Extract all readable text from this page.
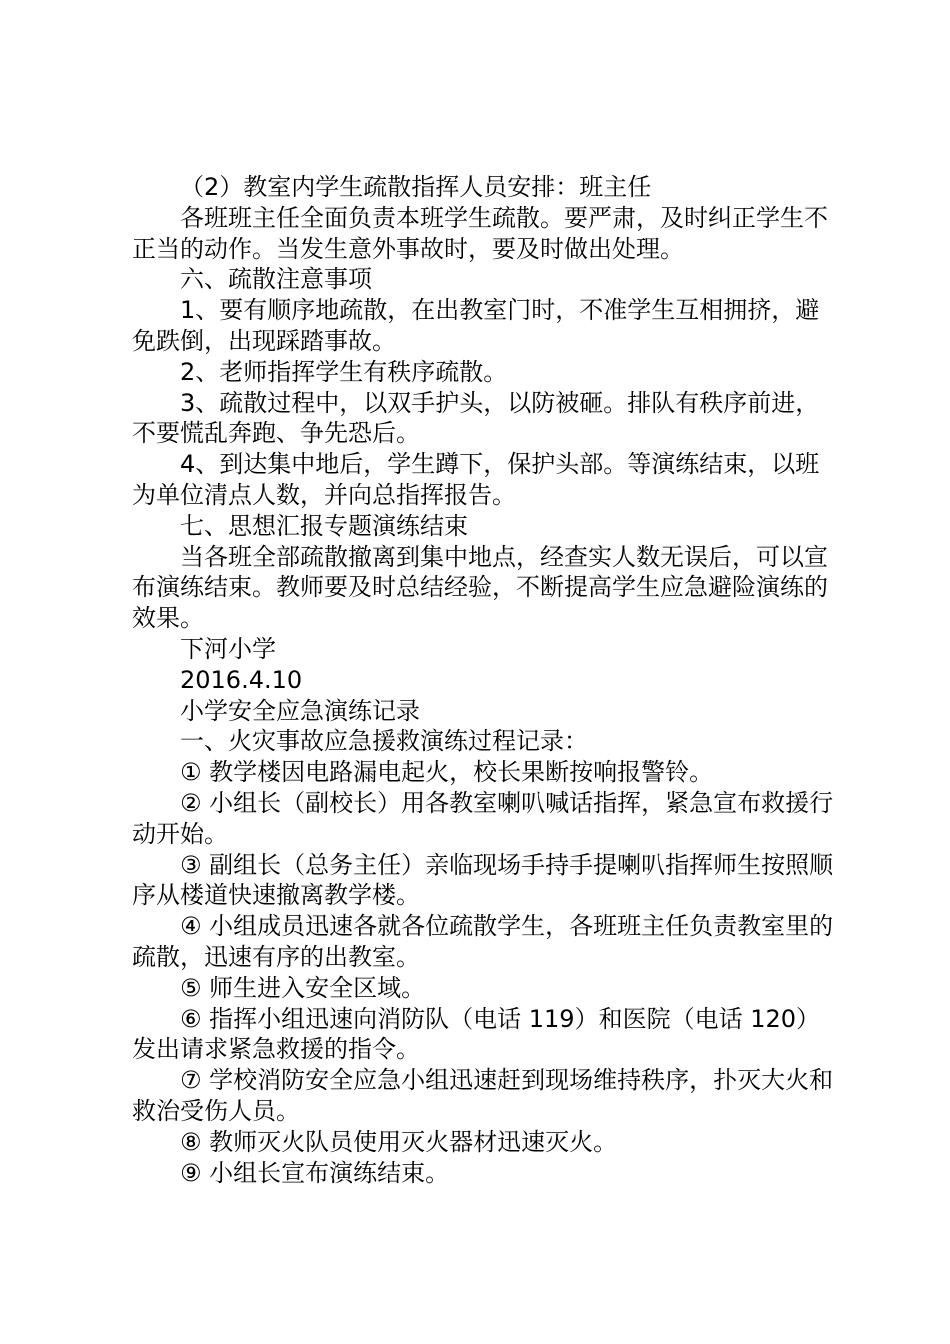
（2）教室内学生疏散指挥人员安排：班主任

各班班主任全面负责本班学生疏散。要严肃，及时纠正学生不正当的动作。当发生意外事故时，要及时做出处理。

六、疏散注意事项

1、要有顺序地疏散，在出教室门时，不准学生互相拥挤，避免跌倒，出现踩踏事故。

2、老师指挥学生有秩序疏散。

3、疏散过程中，以双手护头，以防被砸。排队有秩序前进，不要慌乱奔跑、争先恐后。

4、到达集中地后，学生蹲下，保护头部。等演练结束，以班为单位清点人数，并向总指挥报告。

七、思想汇报专题演练结束

当各班全部疏散撤离到集中地点，经查实人数无误后，可以宣布演练结束。教师要及时总结经验，不断提高学生应急避险演练的效果。

下河小学

2016.4.10

小学安全应急演练记录

一、火灾事故应急援救演练过程记录：

① 教学楼因电路漏电起火，校长果断按响报警铃。

② 小组长（副校长）用各教室喇叭喊话指挥，紧急宣布救援行动开始。

③ 副组长（总务主任）亲临现场手持手提喇叭指挥师生按照顺序从楼道快速撤离教学楼。

④ 小组成员迅速各就各位疏散学生，各班班主任负责教室里的疏散，迅速有序的出教室。

⑤ 师生进入安全区域。

⑥ 指挥小组迅速向消防队（电话 119）和医院（电话 120）发出请求紧急救援的指令。

⑦ 学校消防安全应急小组迅速赶到现场维持秩序，扑灭大火和救治受伤人员。

⑧ 教师灭火队员使用灭火器材迅速灭火。

⑨ 小组长宣布演练结束。
